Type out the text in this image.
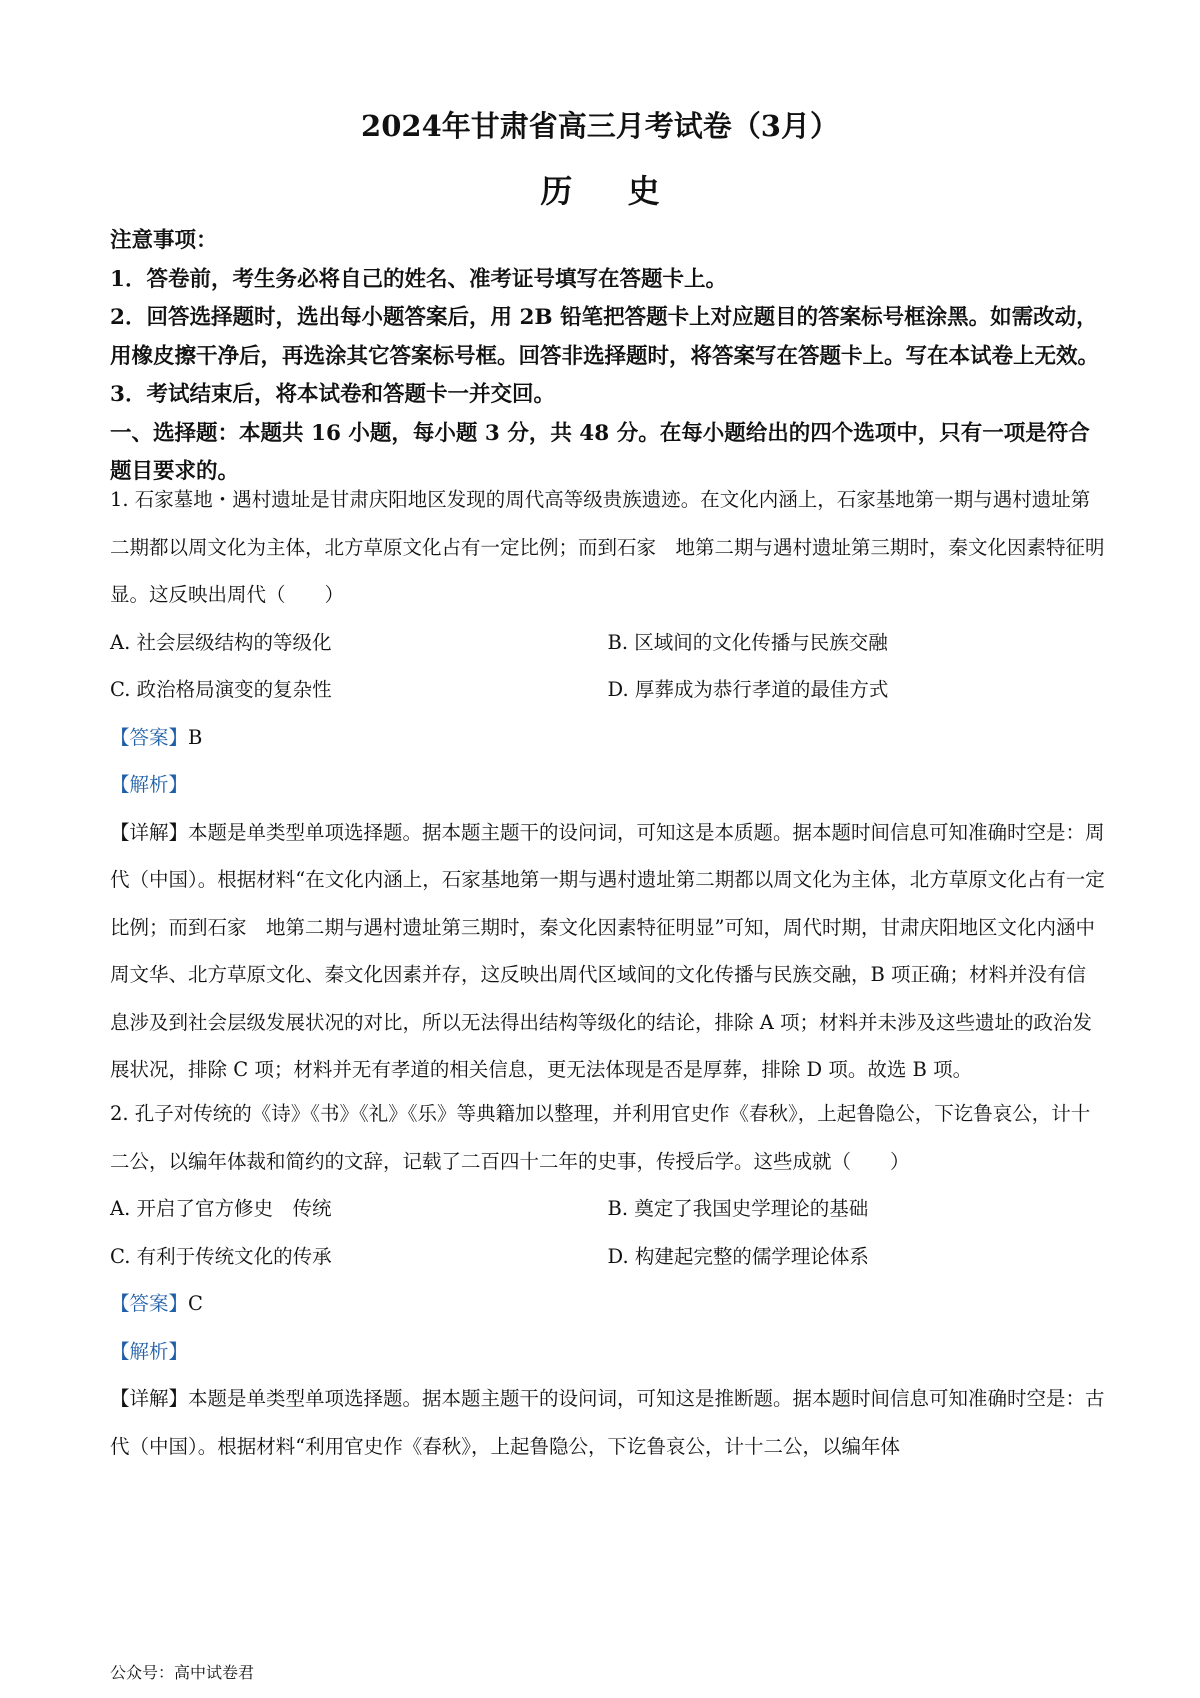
2024年甘肃省高三月考试卷（3月）
历 史

注意事项：

1．答卷前，考生务必将自己的姓名、准考证号填写在答题卡上。

2．回答选择题时，选出每小题答案后，用 2B 铅笔把答题卡上对应题目的答案标号框涂黑。如需改动，用橡皮擦干净后，再选涂其它答案标号框。回答非选择题时，将答案写在答题卡上。写在本试卷上无效。

3．考试结束后，将本试卷和答题卡一并交回。

一、选择题：本题共 16 小题，每小题 3 分，共 48 分。在每小题给出的四个选项中，只有一项是符合题目要求的。

1. 石家墓地・遇村遗址是甘肃庆阳地区发现的周代高等级贵族遗迹。在文化内涵上，石家基地第一期与遇村遗址第二期都以周文化为主体，北方草原文化占有一定比例；而到石家　地第二期与遇村遗址第三期时，秦文化因素特征明显。这反映出周代（　　）

A. 社会层级结构的等级化	B. 区域间的文化传播与民族交融
C. 政治格局演变的复杂性	D. 厚葬成为恭行孝道的最佳方式

【答案】B

【解析】

【详解】本题是单类型单项选择题。据本题主题干的设问词，可知这是本质题。据本题时间信息可知准确时空是：周代（中国）。根据材料“在文化内涵上，石家基地第一期与遇村遗址第二期都以周文化为主体，北方草原文化占有一定比例；而到石家　地第二期与遇村遗址第三期时，秦文化因素特征明显”可知，周代时期，甘肃庆阳地区文化内涵中周文华、北方草原文化、秦文化因素并存，这反映出周代区域间的文化传播与民族交融，B 项正确；材料并没有信息涉及到社会层级发展状况的对比，所以无法得出结构等级化的结论，排除 A 项；材料并未涉及这些遗址的政治发展状况，排除 C 项；材料并无有孝道的相关信息，更无法体现是否是厚葬，排除 D 项。故选 B 项。

2. 孔子对传统的《诗》《书》《礼》《乐》等典籍加以整理，并利用官史作《春秋》，上起鲁隐公，下讫鲁哀公，计十二公，以编年体裁和简约的文辞，记载了二百四十二年的史事，传授后学。这些成就（　　）

A. 开启了官方修史　传统	B. 奠定了我国史学理论的基础
C. 有利于传统文化的传承	D. 构建起完整的儒学理论体系

【答案】C

【解析】

【详解】本题是单类型单项选择题。据本题主题干的设问词，可知这是推断题。据本题时间信息可知准确时空是：古代（中国）。根据材料“利用官史作《春秋》，上起鲁隐公，下讫鲁哀公，计十二公，以编年体

公众号：高中试卷君
